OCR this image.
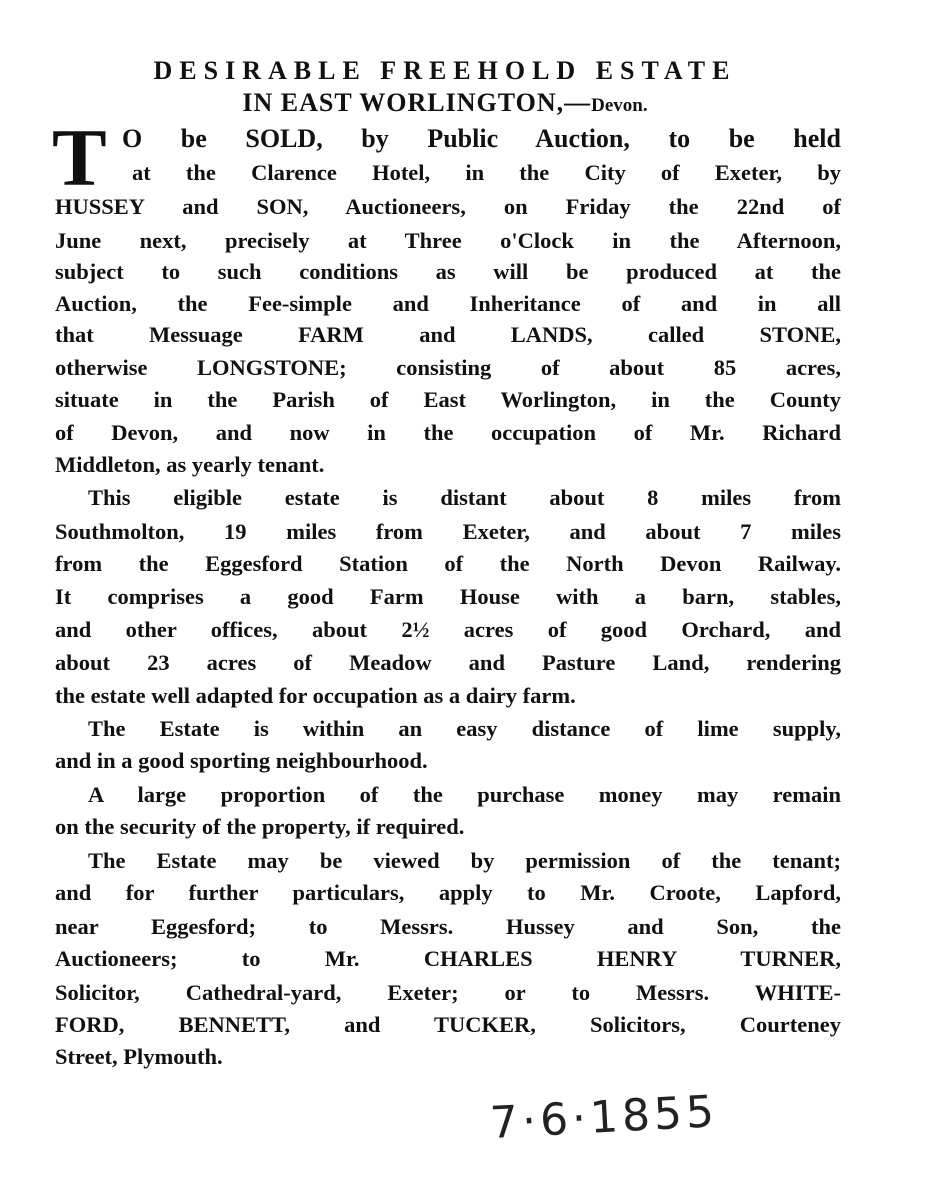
DESIRABLE FREEHOLD ESTATE
IN EAST WORLINGTON,—Devon.
T O be SOLD, by Public Auction, to be held
at the Clarence Hotel, in the City of Exeter, by
HUSSEY and SON, Auctioneers, on Friday the 22nd of
June next, precisely at Three o'Clock in the Afternoon,
subject to such conditions as will be produced at the
Auction, the Fee-simple and Inheritance of and in all
that Messuage FARM and LANDS, called STONE,
otherwise LONGSTONE; consisting of about 85 acres,
situate in the Parish of East Worlington, in the County
of Devon, and now in the occupation of Mr. Richard
Middleton, as yearly tenant.
This eligible estate is distant about 8 miles from
Southmolton, 19 miles from Exeter, and about 7 miles
from the Eggesford Station of the North Devon Railway.
It comprises a good Farm House with a barn, stables,
and other offices, about 2½ acres of good Orchard, and
about 23 acres of Meadow and Pasture Land, rendering
the estate well adapted for occupation as a dairy farm.
The Estate is within an easy distance of lime supply,
and in a good sporting neighbourhood.
A large proportion of the purchase money may remain
on the security of the property, if required.
The Estate may be viewed by permission of the tenant;
and for further particulars, apply to Mr. Croote, Lapford,
near Eggesford; to Messrs. Hussey and Son, the
Auctioneers; to Mr. CHARLES HENRY TURNER,
Solicitor, Cathedral-yard, Exeter; or to Messrs. WHITE-
FORD, BENNETT, and TUCKER, Solicitors, Courteney
Street, Plymouth.
7·6·1855
